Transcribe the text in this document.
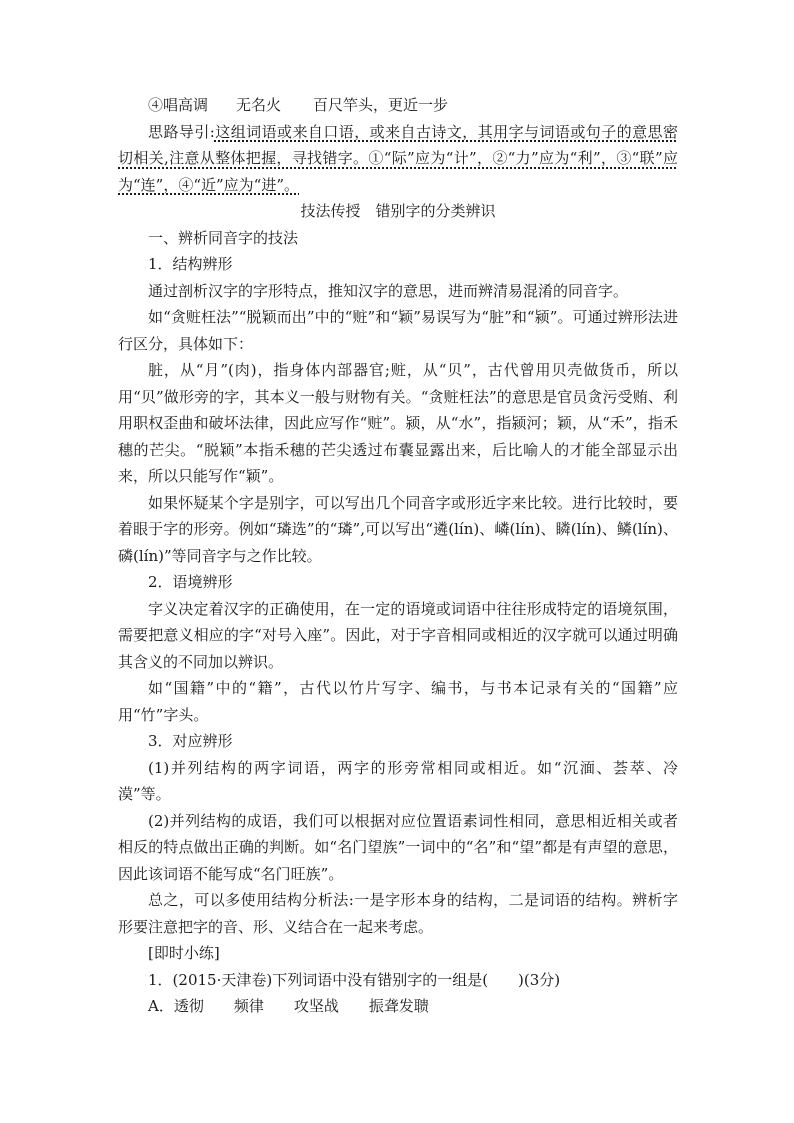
④唱高调 无名火 百尺竿头，更近一步

思路导引:这组词语或来自口语，或来自古诗文，其用字与词语或句子的意思密切相关,注意从整体把握，寻找错字。①“际”应为“计”，②“力”应为“利”，③“联”应为“连”，④“近”应为“进”。

技法传授　错别字的分类辨识

一、辨析同音字的技法

1．结构辨形

通过剖析汉字的字形特点，推知汉字的意思，进而辨清易混淆的同音字。

如“贪赃枉法”“脱颖而出”中的“赃”和“颖”易误写为“脏”和“颍”。可通过辨形法进行区分，具体如下：

脏，从“月”(肉)，指身体内部器官;赃，从“贝”，古代曾用贝壳做货币，所以用“贝”做形旁的字，其本义一般与财物有关。“贪赃枉法”的意思是官员贪污受贿、利用职权歪曲和破坏法律，因此应写作“赃”。颍，从“水”，指颍河；颖，从“禾”，指禾穗的芒尖。“脱颖”本指禾穗的芒尖透过布囊显露出来，后比喻人的才能全部显示出来，所以只能写作“颖”。

如果怀疑某个字是别字，可以写出几个同音字或形近字来比较。进行比较时，要着眼于字的形旁。例如“璘选”的“璘”,可以写出“遴(lín)、嶙(lín)、瞵(lín)、鳞(lín)、磷(lín)”等同音字与之作比较。

2．语境辨形

字义决定着汉字的正确使用，在一定的语境或词语中往往形成特定的语境氛围，需要把意义相应的字“对号入座”。因此，对于字音相同或相近的汉字就可以通过明确其含义的不同加以辨识。

如“国籍”中的“籍”，古代以竹片写字、编书，与书本记录有关的“国籍”应用“竹”字头。

3．对应辨形

(1)并列结构的两字词语，两字的形旁常相同或相近。如“沉湎、荟萃、冷漠”等。

(2)并列结构的成语，我们可以根据对应位置语素词性相同，意思相近相关或者相反的特点做出正确的判断。如“名门望族”一词中的“名”和“望”都是有声望的意思，因此该词语不能写成“名门旺族”。

总之，可以多使用结构分析法:一是字形本身的结构，二是词语的结构。辨析字形要注意把字的音、形、义结合在一起来考虑。

[即时小练]

1．(2015·天津卷)下列词语中没有错别字的一组是(　　)(3分)

A．透彻 频律 攻坚战 振聋发聩
